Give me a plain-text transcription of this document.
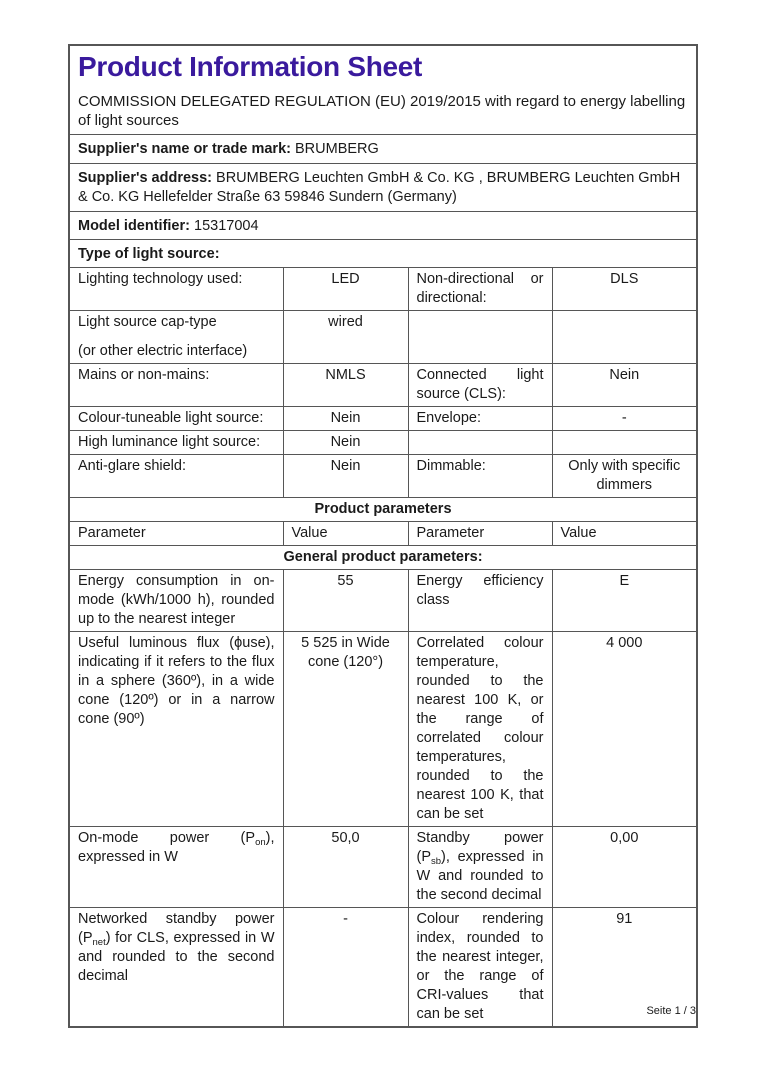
Product Information Sheet
COMMISSION DELEGATED REGULATION (EU) 2019/2015 with regard to energy labelling of light sources			

Supplier's name or trade mark: BRUMBERG			
Supplier's address: BRUMBERG Leuchten GmbH & Co. KG , BRUMBERG Leuchten GmbH & Co. KG Hellefelder Straße 63 59846 Sundern (Germany)			
Model identifier: 15317004			
Type of light source:			
Lighting technology used:	LED	Non-directional or directional:	DLS

Light source cap-type
(or other electric interface)	wired		
Mains or non-mains:	NMLS	Connected light source (CLS):	Nein
Colour-tuneable light source:	Nein	Envelope:	-
High luminance light source:	Nein		
Anti-glare shield:	Nein	Dimmable:	Only with specific dimmers
Product parameters			
Parameter	Value	Parameter	Value
General product parameters:			
Energy consumption in on-mode (kWh/1000 h), rounded up to the nearest integer	55	Energy efficiency class	E
Useful luminous flux (ϕuse), indicating if it refers to the flux in a sphere (360º), in a wide cone (120º) or in a narrow cone (90º)	5 525 in Wide cone (120°)	Correlated colour temperature, rounded to the nearest 100 K, or the range of correlated colour temperatures, rounded to the nearest 100 K, that can be set	4 000
On-mode power $(P_{on})$, expressed in W	50,0	Standby power $(P_{sb})$, expressed in W and rounded to the second decimal	0,00
Networked standby power $(P_{net})$ for CLS, expressed in W and rounded to the second decimal	-	Colour rendering index, rounded to the nearest integer, or the range of CRI-values that can be set	91
Seite 1 / 3
